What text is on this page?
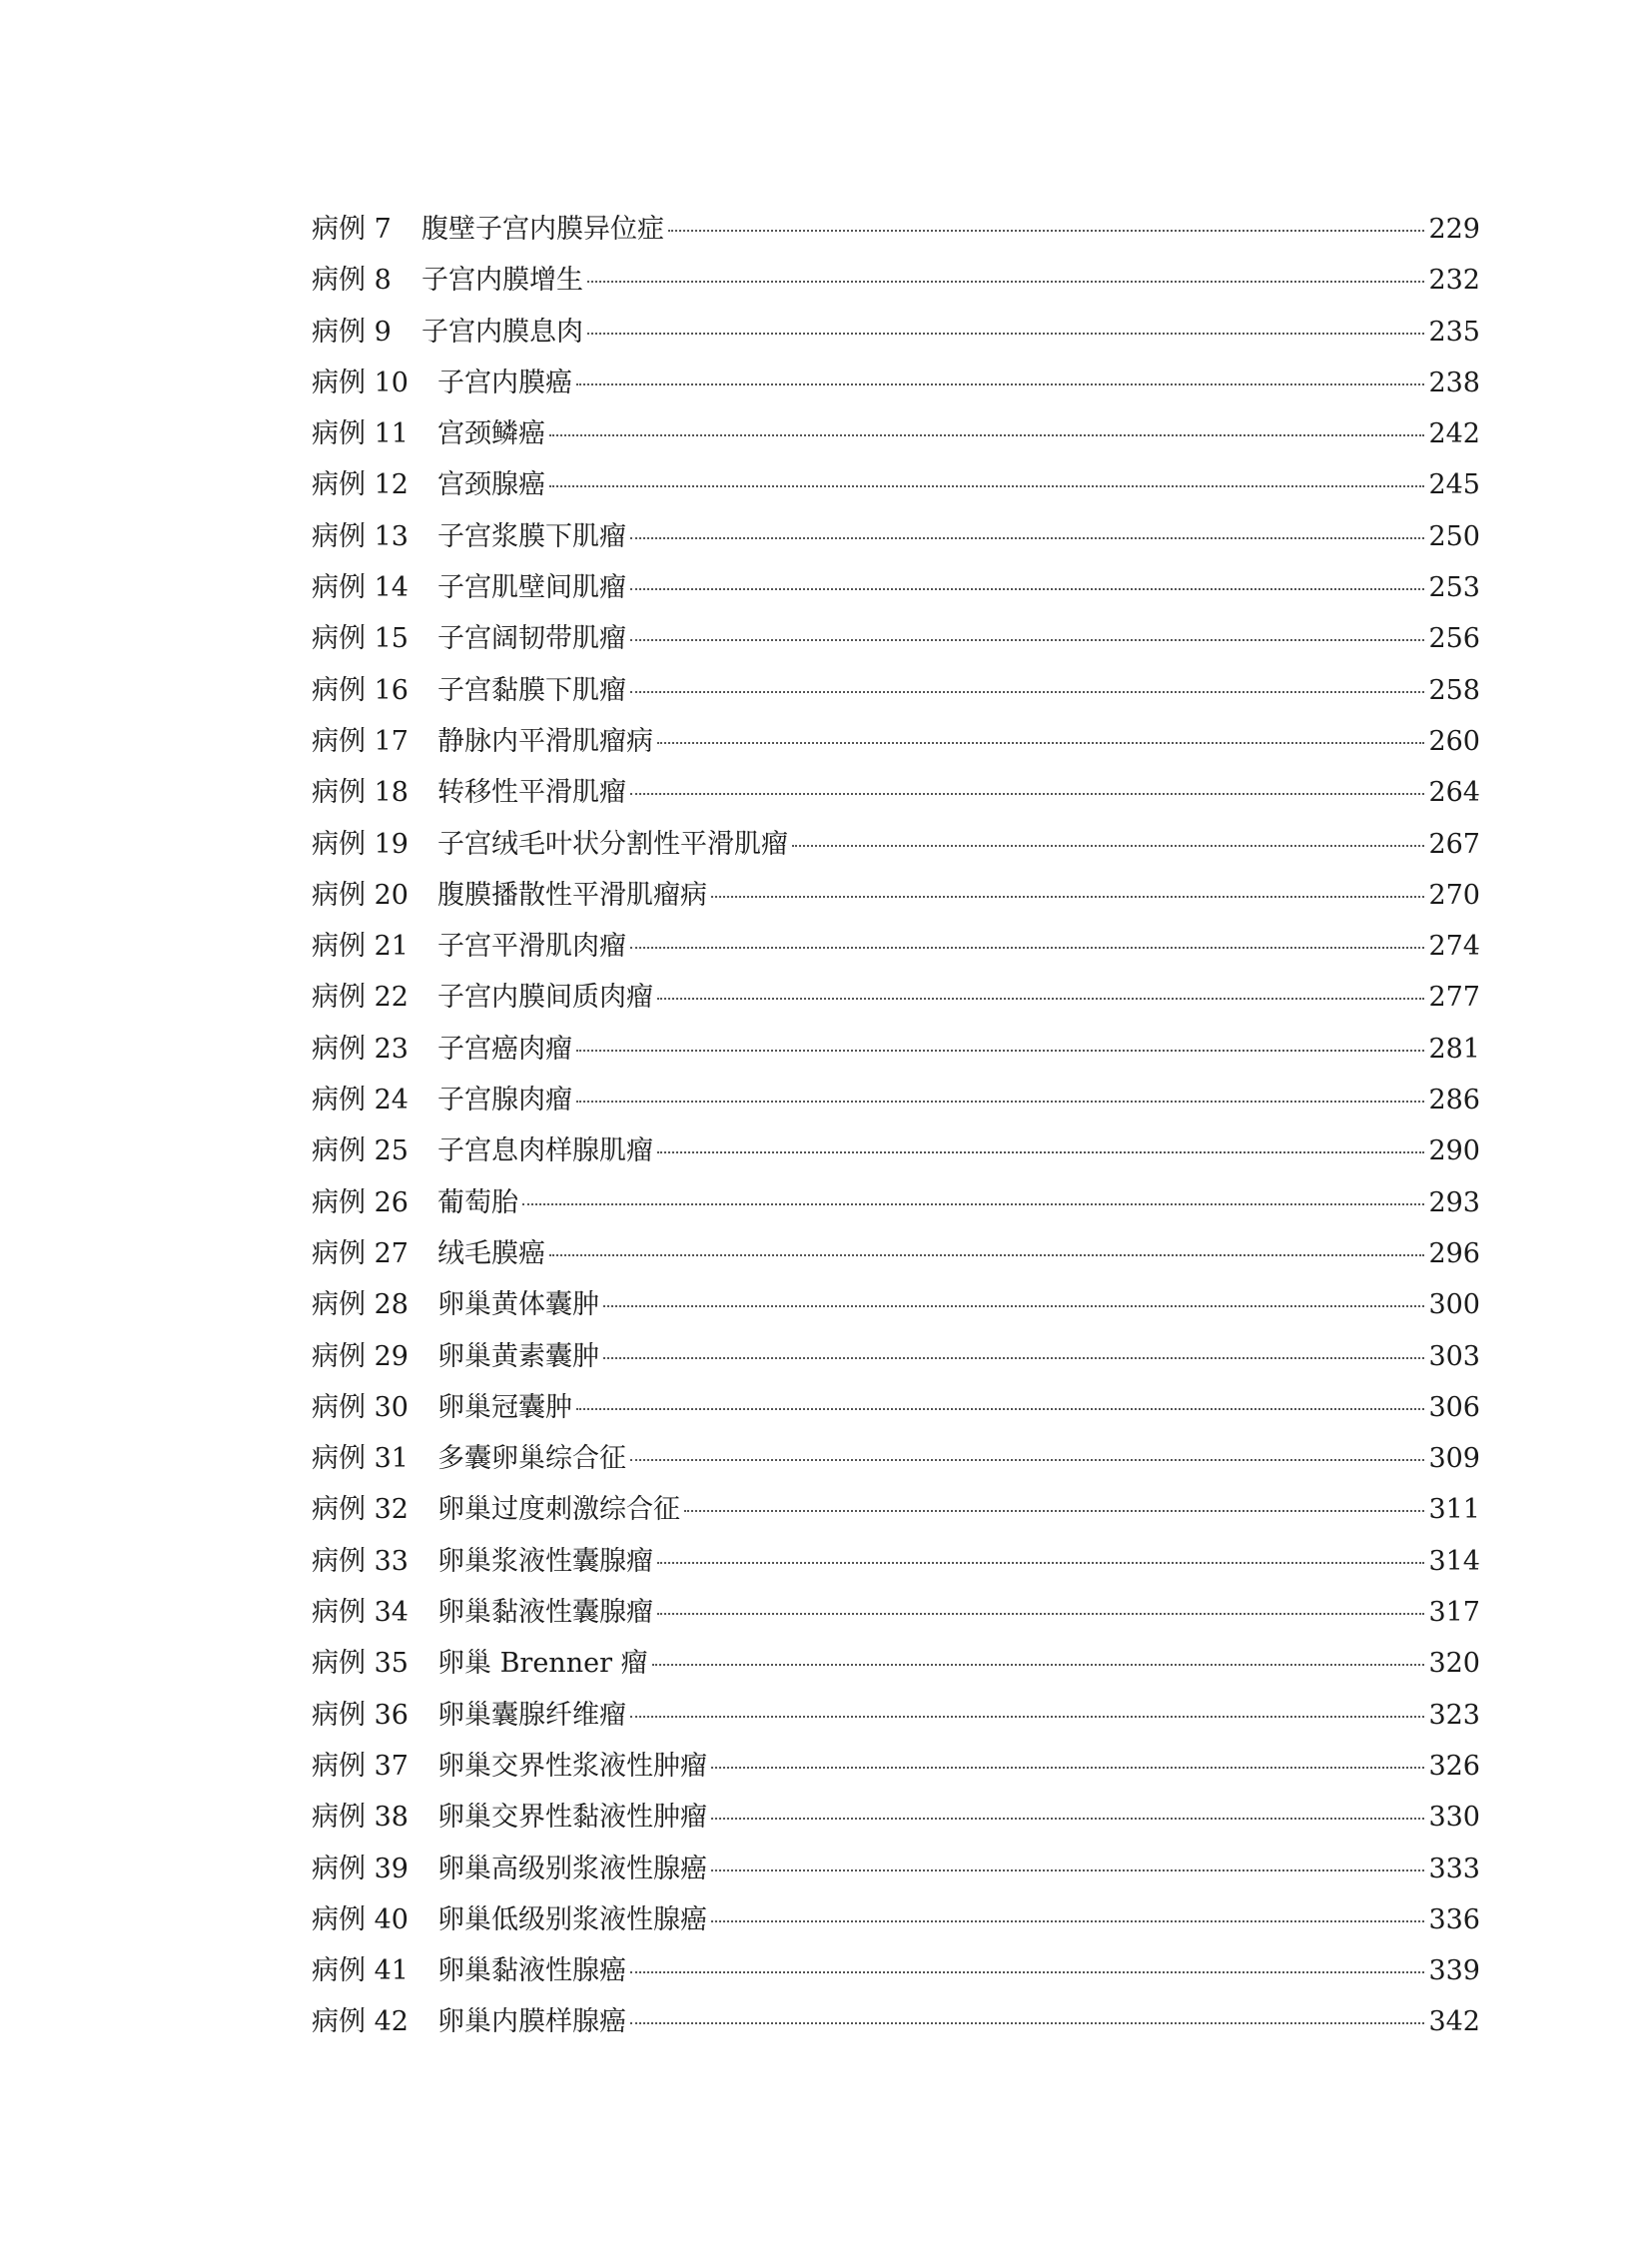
病例 7	腹壁子宫内膜异位症	229
病例 8	子宫内膜增生	232
病例 9	子宫内膜息肉	235
病例 10	子宫内膜癌	238
病例 11	宫颈鳞癌	242
病例 12	宫颈腺癌	245
病例 13	子宫浆膜下肌瘤	250
病例 14	子宫肌壁间肌瘤	253
病例 15	子宫阔韧带肌瘤	256
病例 16	子宫黏膜下肌瘤	258
病例 17	静脉内平滑肌瘤病	260
病例 18	转移性平滑肌瘤	264
病例 19	子宫绒毛叶状分割性平滑肌瘤	267
病例 20	腹膜播散性平滑肌瘤病	270
病例 21	子宫平滑肌肉瘤	274
病例 22	子宫内膜间质肉瘤	277
病例 23	子宫癌肉瘤	281
病例 24	子宫腺肉瘤	286
病例 25	子宫息肉样腺肌瘤	290
病例 26	葡萄胎	293
病例 27	绒毛膜癌	296
病例 28	卵巢黄体囊肿	300
病例 29	卵巢黄素囊肿	303
病例 30	卵巢冠囊肿	306
病例 31	多囊卵巢综合征	309
病例 32	卵巢过度刺激综合征	311
病例 33	卵巢浆液性囊腺瘤	314
病例 34	卵巢黏液性囊腺瘤	317
病例 35	卵巢 Brenner 瘤	320
病例 36	卵巢囊腺纤维瘤	323
病例 37	卵巢交界性浆液性肿瘤	326
病例 38	卵巢交界性黏液性肿瘤	330
病例 39	卵巢高级别浆液性腺癌	333
病例 40	卵巢低级别浆液性腺癌	336
病例 41	卵巢黏液性腺癌	339
病例 42	卵巢内膜样腺癌	342
